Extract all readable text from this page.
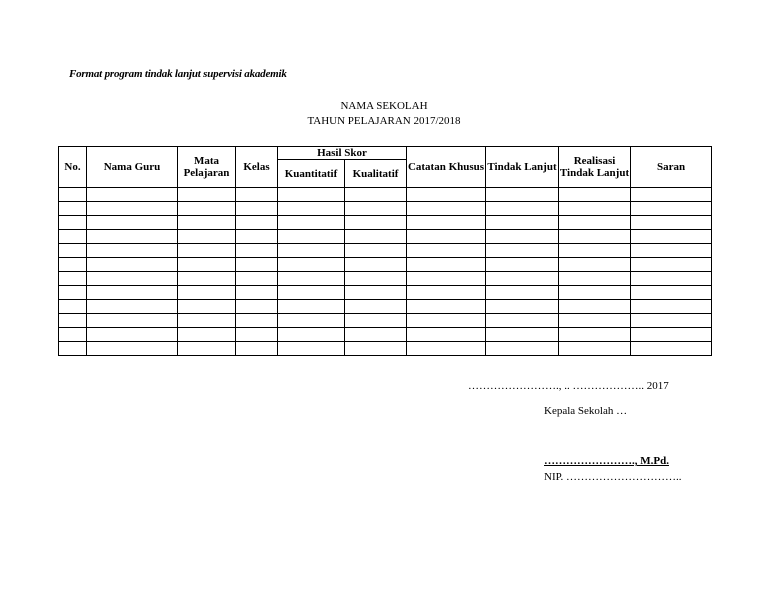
Format program tindak lanjut supervisi akademik
NAMA SEKOLAH
TAHUN PELAJARAN 2017/2018
No.	Nama Guru	Mata Pelajaran	Kelas	Hasil Skor		Catatan Khusus	Tindak Lanjut	Realisasi Tindak Lanjut	Saran
				Kuantitatif	Kualitatif				

……………………., .. ……………….. 2017
Kepala Sekolah …
……………………., M.Pd.
NIP. …………………………..
